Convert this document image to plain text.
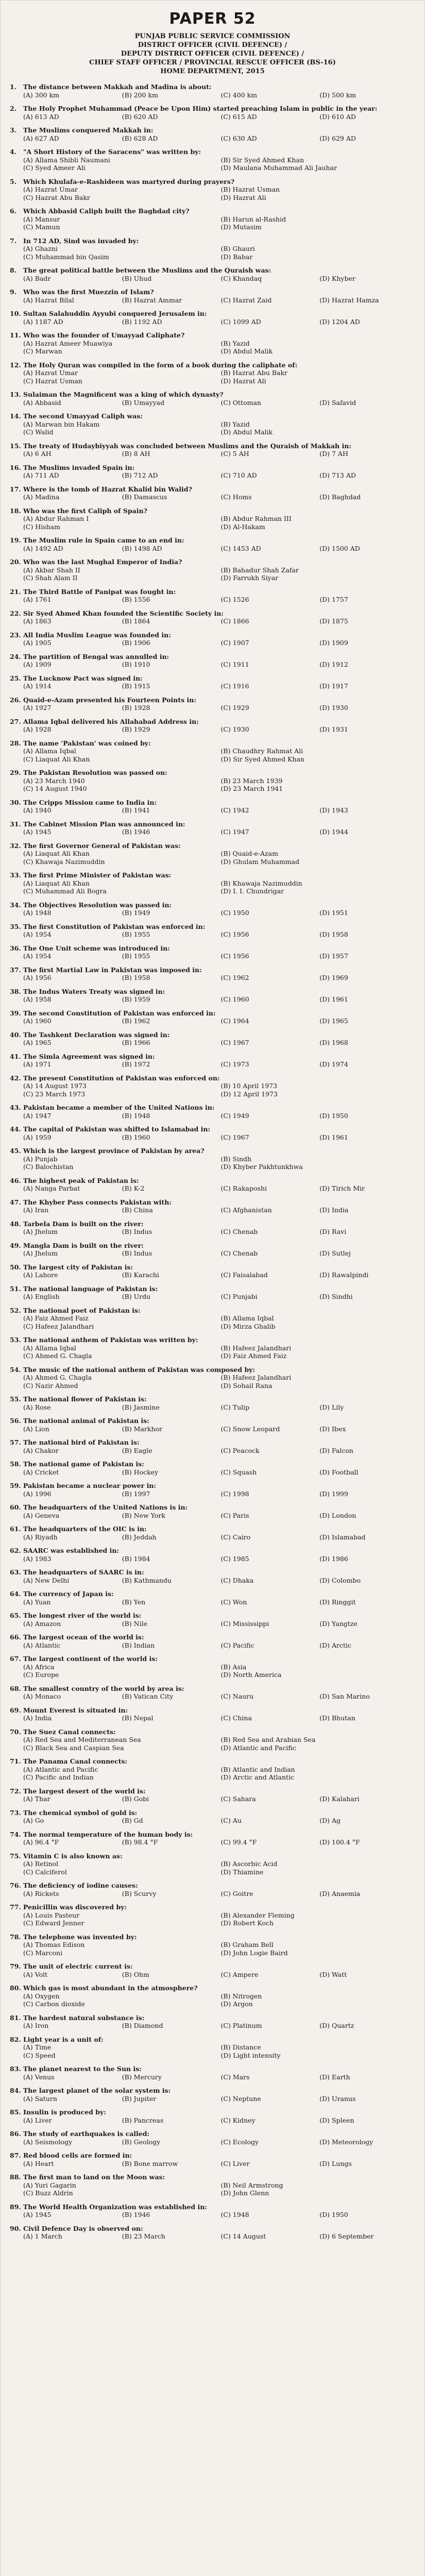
PAPER 52
PUNJAB PUBLIC SERVICE COMMISSION
DISTRICT OFFICER (CIVIL DEFENCE) /
DEPUTY DISTRICT OFFICER (CIVIL DEFENCE) /
CHIEF STAFF OFFICER / PROVINCIAL RESCUE OFFICER (BS-16)
HOME DEPARTMENT, 2015
1.	The distance between Makkah and Madina is about:
(A) 300 km	(B) 200 km	(C) 400 km	(D) 500 km
2.	The Holy Prophet Muhammad (Peace be Upon Him) started preaching Islam in public in the year:
(A) 613 AD	(B) 620 AD	(C) 615 AD	(D) 610 AD
3.	The Muslims conquered Makkah in:
(A) 627 AD	(B) 628 AD	(C) 630 AD	(D) 629 AD
4.	"A Short History of the Saracens" was written by:
(A) Allama Shibli Naumani	(B) Sir Syed Ahmed Khan
(C) Syed Ameer Ali	(D) Maulana Muhammad Ali Jauhar
5.	Which Khulafa-e-Rashideen was martyred during prayers?
(A) Hazrat Umar	(B) Hazrat Usman
(C) Hazrat Abu Bakr	(D) Hazrat Ali
6.	Which Abbasid Caliph built the Baghdad city?
(A) Mansur	(B) Harun al-Rashid
(C) Mamun	(D) Mutasim
7.	In 712 AD, Sind was invaded by:
(A) Ghazni	(B) Ghauri
(C) Muhammad bin Qasim	(D) Babar
8.	The great political battle between the Muslims and the Quraish was:
(A) Badr	(B) Uhud	(C) Khandaq	(D) Khyber
9.	Who was the first Muezzin of Islam?
(A) Hazrat Bilal	(B) Hazrat Ammar	(C) Hazrat Zaid	(D) Hazrat Hamza
10. Sultan Salahuddin Ayyubi conquered Jerusalem in:
(A) 1187 AD	(B) 1192 AD	(C) 1099 AD	(D) 1204 AD
11. Who was the founder of Umayyad Caliphate?
(A) Hazrat Ameer Muawiya	(B) Yazid
(C) Marwan	(D) Abdul Malik
12. The Holy Quran was compiled in the form of a book during the caliphate of:
(A) Hazrat Umar	(B) Hazrat Abu Bakr
(C) Hazrat Usman	(D) Hazrat Ali
13. Sulaiman the Magnificent was a king of which dynasty?
(A) Abbasid	(B) Umayyad	(C) Ottoman	(D) Safavid
14. The second Umayyad Caliph was:
(A) Marwan bin Hakam	(B) Yazid
(C) Walid	(D) Abdul Malik
15. The treaty of Hudaybiyyah was concluded between Muslims and the Quraish of Makkah in:
(A) 6 AH	(B) 8 AH	(C) 5 AH	(D) 7 AH
16. The Muslims invaded Spain in:
(A) 711 AD	(B) 712 AD	(C) 710 AD	(D) 713 AD
17. Where is the tomb of Hazrat Khalid bin Walid?
(A) Madina	(B) Damascus	(C) Homs	(D) Baghdad
18. Who was the first Caliph of Spain?
(A) Abdur Rahman I	(B) Abdur Rahman III
(C) Hisham	(D) Al-Hakam
19. The Muslim rule in Spain came to an end in:
(A) 1492 AD	(B) 1498 AD	(C) 1453 AD	(D) 1500 AD
20. Who was the last Mughal Emperor of India?
(A) Akbar Shah II	(B) Bahadur Shah Zafar
(C) Shah Alam II	(D) Farrukh Siyar
21. The Third Battle of Panipat was fought in:
(A) 1761	(B) 1556	(C) 1526	(D) 1757
22. Sir Syed Ahmed Khan founded the Scientific Society in:
(A) 1863	(B) 1864	(C) 1866	(D) 1875
23. All India Muslim League was founded in:
(A) 1905	(B) 1906	(C) 1907	(D) 1909
24. The partition of Bengal was annulled in:
(A) 1909	(B) 1910	(C) 1911	(D) 1912
25. The Lucknow Pact was signed in:
(A) 1914	(B) 1915	(C) 1916	(D) 1917
26. Quaid-e-Azam presented his Fourteen Points in:
(A) 1927	(B) 1928	(C) 1929	(D) 1930
27. Allama Iqbal delivered his Allahabad Address in:
(A) 1928	(B) 1929	(C) 1930	(D) 1931
28. The name 'Pakistan' was coined by:
(A) Allama Iqbal	(B) Chaudhry Rahmat Ali
(C) Liaquat Ali Khan	(D) Sir Syed Ahmed Khan
29. The Pakistan Resolution was passed on:
(A) 23 March 1940	(B) 23 March 1939
(C) 14 August 1940	(D) 23 March 1941
30. The Cripps Mission came to India in:
(A) 1940	(B) 1941	(C) 1942	(D) 1943
31. The Cabinet Mission Plan was announced in:
(A) 1945	(B) 1946	(C) 1947	(D) 1944
32. The first Governor General of Pakistan was:
(A) Liaquat Ali Khan	(B) Quaid-e-Azam
(C) Khawaja Nazimuddin	(D) Ghulam Muhammad
33. The first Prime Minister of Pakistan was:
(A) Liaquat Ali Khan	(B) Khawaja Nazimuddin
(C) Muhammad Ali Bogra	(D) I. I. Chundrigar
34. The Objectives Resolution was passed in:
(A) 1948	(B) 1949	(C) 1950	(D) 1951
35. The first Constitution of Pakistan was enforced in:
(A) 1954	(B) 1955	(C) 1956	(D) 1958
36. The One Unit scheme was introduced in:
(A) 1954	(B) 1955	(C) 1956	(D) 1957
37. The first Martial Law in Pakistan was imposed in:
(A) 1956	(B) 1958	(C) 1962	(D) 1969
38. The Indus Waters Treaty was signed in:
(A) 1958	(B) 1959	(C) 1960	(D) 1961
39. The second Constitution of Pakistan was enforced in:
(A) 1960	(B) 1962	(C) 1964	(D) 1965
40. The Tashkent Declaration was signed in:
(A) 1965	(B) 1966	(C) 1967	(D) 1968
41. The Simla Agreement was signed in:
(A) 1971	(B) 1972	(C) 1973	(D) 1974
42. The present Constitution of Pakistan was enforced on:
(A) 14 August 1973	(B) 10 April 1973
(C) 23 March 1973	(D) 12 April 1973
43. Pakistan became a member of the United Nations in:
(A) 1947	(B) 1948	(C) 1949	(D) 1950
44. The capital of Pakistan was shifted to Islamabad in:
(A) 1959	(B) 1960	(C) 1967	(D) 1961
45. Which is the largest province of Pakistan by area?
(A) Punjab	(B) Sindh
(C) Balochistan	(D) Khyber Pakhtunkhwa
46. The highest peak of Pakistan is:
(A) Nanga Parbat	(B) K-2	(C) Rakaposhi	(D) Tirich Mir
47. The Khyber Pass connects Pakistan with:
(A) Iran	(B) China	(C) Afghanistan	(D) India
48. Tarbela Dam is built on the river:
(A) Jhelum	(B) Indus	(C) Chenab	(D) Ravi
49. Mangla Dam is built on the river:
(A) Jhelum	(B) Indus	(C) Chenab	(D) Sutlej
50. The largest city of Pakistan is:
(A) Lahore	(B) Karachi	(C) Faisalabad	(D) Rawalpindi
51. The national language of Pakistan is:
(A) English	(B) Urdu	(C) Punjabi	(D) Sindhi
52. The national poet of Pakistan is:
(A) Faiz Ahmed Faiz	(B) Allama Iqbal
(C) Hafeez Jalandhari	(D) Mirza Ghalib
53. The national anthem of Pakistan was written by:
(A) Allama Iqbal	(B) Hafeez Jalandhari
(C) Ahmed G. Chagla	(D) Faiz Ahmed Faiz
54. The music of the national anthem of Pakistan was composed by:
(A) Ahmed G. Chagla	(B) Hafeez Jalandhari
(C) Nazir Ahmed	(D) Sohail Rana
55. The national flower of Pakistan is:
(A) Rose	(B) Jasmine	(C) Tulip	(D) Lily
56. The national animal of Pakistan is:
(A) Lion	(B) Markhor	(C) Snow Leopard	(D) Ibex
57. The national bird of Pakistan is:
(A) Chakor	(B) Eagle	(C) Peacock	(D) Falcon
58. The national game of Pakistan is:
(A) Cricket	(B) Hockey	(C) Squash	(D) Football
59. Pakistan became a nuclear power in:
(A) 1996	(B) 1997	(C) 1998	(D) 1999
60. The headquarters of the United Nations is in:
(A) Geneva	(B) New York	(C) Paris	(D) London
61. The headquarters of the OIC is in:
(A) Riyadh	(B) Jeddah	(C) Cairo	(D) Islamabad
62. SAARC was established in:
(A) 1983	(B) 1984	(C) 1985	(D) 1986
63. The headquarters of SAARC is in:
(A) New Delhi	(B) Kathmandu	(C) Dhaka	(D) Colombo
64. The currency of Japan is:
(A) Yuan	(B) Yen	(C) Won	(D) Ringgit
65. The longest river of the world is:
(A) Amazon	(B) Nile	(C) Mississippi	(D) Yangtze
66. The largest ocean of the world is:
(A) Atlantic	(B) Indian	(C) Pacific	(D) Arctic
67. The largest continent of the world is:
(A) Africa	(B) Asia
(C) Europe	(D) North America
68. The smallest country of the world by area is:
(A) Monaco	(B) Vatican City	(C) Nauru	(D) San Marino
69. Mount Everest is situated in:
(A) India	(B) Nepal	(C) China	(D) Bhutan
70. The Suez Canal connects:
(A) Red Sea and Mediterranean Sea	(B) Red Sea and Arabian Sea
(C) Black Sea and Caspian Sea	(D) Atlantic and Pacific
71. The Panama Canal connects:
(A) Atlantic and Pacific	(B) Atlantic and Indian
(C) Pacific and Indian	(D) Arctic and Atlantic
72. The largest desert of the world is:
(A) Thar	(B) Gobi	(C) Sahara	(D) Kalahari
73. The chemical symbol of gold is:
(A) Go	(B) Gd	(C) Au	(D) Ag
74. The normal temperature of the human body is:
(A) 96.4 °F	(B) 98.4 °F	(C) 99.4 °F	(D) 100.4 °F
75. Vitamin C is also known as:
(A) Retinol	(B) Ascorbic Acid
(C) Calciferol	(D) Thiamine
76. The deficiency of iodine causes:
(A) Rickets	(B) Scurvy	(C) Goitre	(D) Anaemia
77. Penicillin was discovered by:
(A) Louis Pasteur	(B) Alexander Fleming
(C) Edward Jenner	(D) Robert Koch
78. The telephone was invented by:
(A) Thomas Edison	(B) Graham Bell
(C) Marconi	(D) John Logie Baird
79. The unit of electric current is:
(A) Volt	(B) Ohm	(C) Ampere	(D) Watt
80. Which gas is most abundant in the atmosphere?
(A) Oxygen	(B) Nitrogen
(C) Carbon dioxide	(D) Argon
81. The hardest natural substance is:
(A) Iron	(B) Diamond	(C) Platinum	(D) Quartz
82. Light year is a unit of:
(A) Time	(B) Distance
(C) Speed	(D) Light intensity
83. The planet nearest to the Sun is:
(A) Venus	(B) Mercury	(C) Mars	(D) Earth
84. The largest planet of the solar system is:
(A) Saturn	(B) Jupiter	(C) Neptune	(D) Uranus
85. Insulin is produced by:
(A) Liver	(B) Pancreas	(C) Kidney	(D) Spleen
86. The study of earthquakes is called:
(A) Seismology	(B) Geology	(C) Ecology	(D) Meteorology
87. Red blood cells are formed in:
(A) Heart	(B) Bone marrow	(C) Liver	(D) Lungs
88. The first man to land on the Moon was:
(A) Yuri Gagarin	(B) Neil Armstrong
(C) Buzz Aldrin	(D) John Glenn
89. The World Health Organization was established in:
(A) 1945	(B) 1946	(C) 1948	(D) 1950
90. Civil Defence Day is observed on:
(A) 1 March	(B) 23 March	(C) 14 August	(D) 6 September
